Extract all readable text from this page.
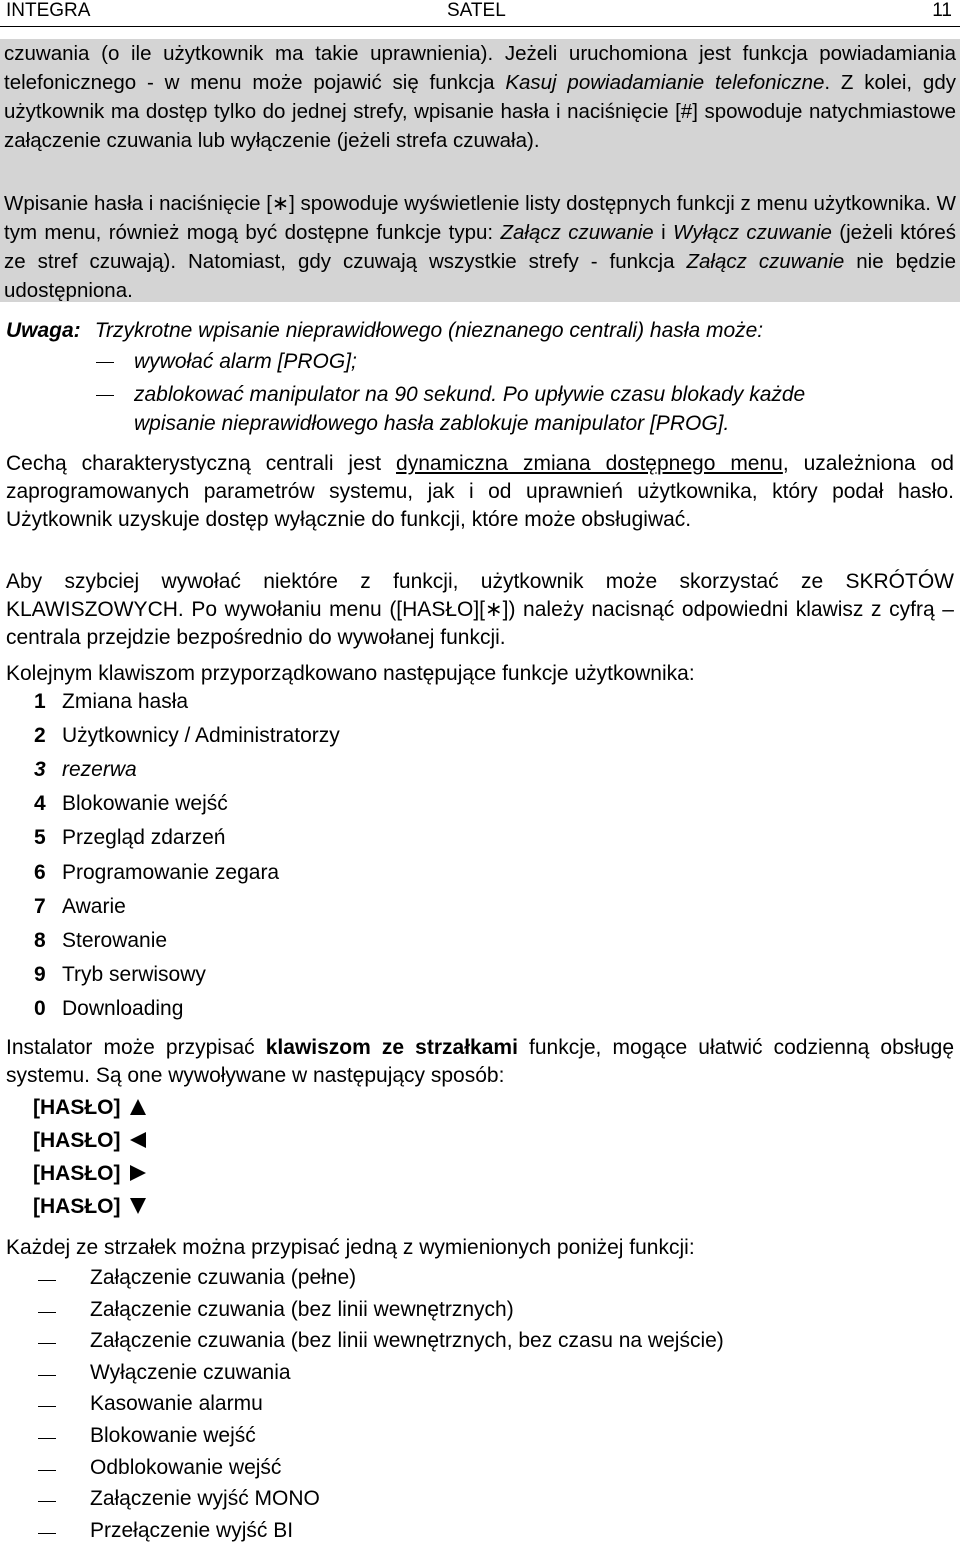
INTEGRA	SATEL	11

czuwania (o ile użytkownik ma takie uprawnienia). Jeżeli uruchomiona jest funkcja powiadamiania telefonicznego - w menu może pojawić się funkcja Kasuj powiadamianie telefoniczne. Z kolei, gdy użytkownik ma dostęp tylko do jednej strefy, wpisanie hasła i naciśnięcie [#] spowoduje natychmiastowe załączenie czuwania lub wyłączenie (jeżeli strefa czuwała).

Wpisanie hasła i naciśnięcie [∗] spowoduje wyświetlenie listy dostępnych funkcji z menu użytkownika. W tym menu, również mogą być dostępne funkcje typu: Załącz czuwanie i Wyłącz czuwanie (jeżeli któreś ze stref czuwają). Natomiast, gdy czuwają wszystkie strefy - funkcja Załącz czuwanie nie będzie udostępniona.

Uwaga: Trzykrotne wpisanie nieprawidłowego (nieznanego centrali) hasła może:
wywołać alarm [PROG];
zablokować manipulator na 90 sekund. Po upływie czasu blokady każde
wpisanie nieprawidłowego hasła zablokuje manipulator [PROG].

Cechą charakterystyczną centrali jest dynamiczna zmiana dostępnego menu, uzależniona od zaprogramowanych parametrów systemu, jak i od uprawnień użytkownika, który podał hasło. Użytkownik uzyskuje dostęp wyłącznie do funkcji, które może obsługiwać.

Aby szybciej wywołać niektóre z funkcji, użytkownik może skorzystać ze SKRÓTÓW KLAWISZOWYCH. Po wywołaniu menu ([HASŁO][∗]) należy nacisnąć odpowiedni klawisz z cyfrą – centrala przejdzie bezpośrednio do wywołanej funkcji.

Kolejnym klawiszom przyporządkowano następujące funkcje użytkownika:

1 Zmiana hasła
2 Użytkownicy / Administratorzy
3 rezerwa
4 Blokowanie wejść
5 Przegląd zdarzeń
6 Programowanie zegara
7 Awarie
8 Sterowanie
9 Tryb serwisowy
0 Downloading

Instalator może przypisać klawiszom ze strzałkami funkcje, mogące ułatwić codzienną obsługę systemu. Są one wywoływane w następujący sposób:

[HASŁO]
[HASŁO]
[HASŁO]
[HASŁO]

Każdej ze strzałek można przypisać jedną z wymienionych poniżej funkcji:

Załączenie czuwania (pełne)
Załączenie czuwania (bez linii wewnętrznych)
Załączenie czuwania (bez linii wewnętrznych, bez czasu na wejście)
Wyłączenie czuwania
Kasowanie alarmu
Blokowanie wejść
Odblokowanie wejść
Załączenie wyjść MONO
Przełączenie wyjść BI
